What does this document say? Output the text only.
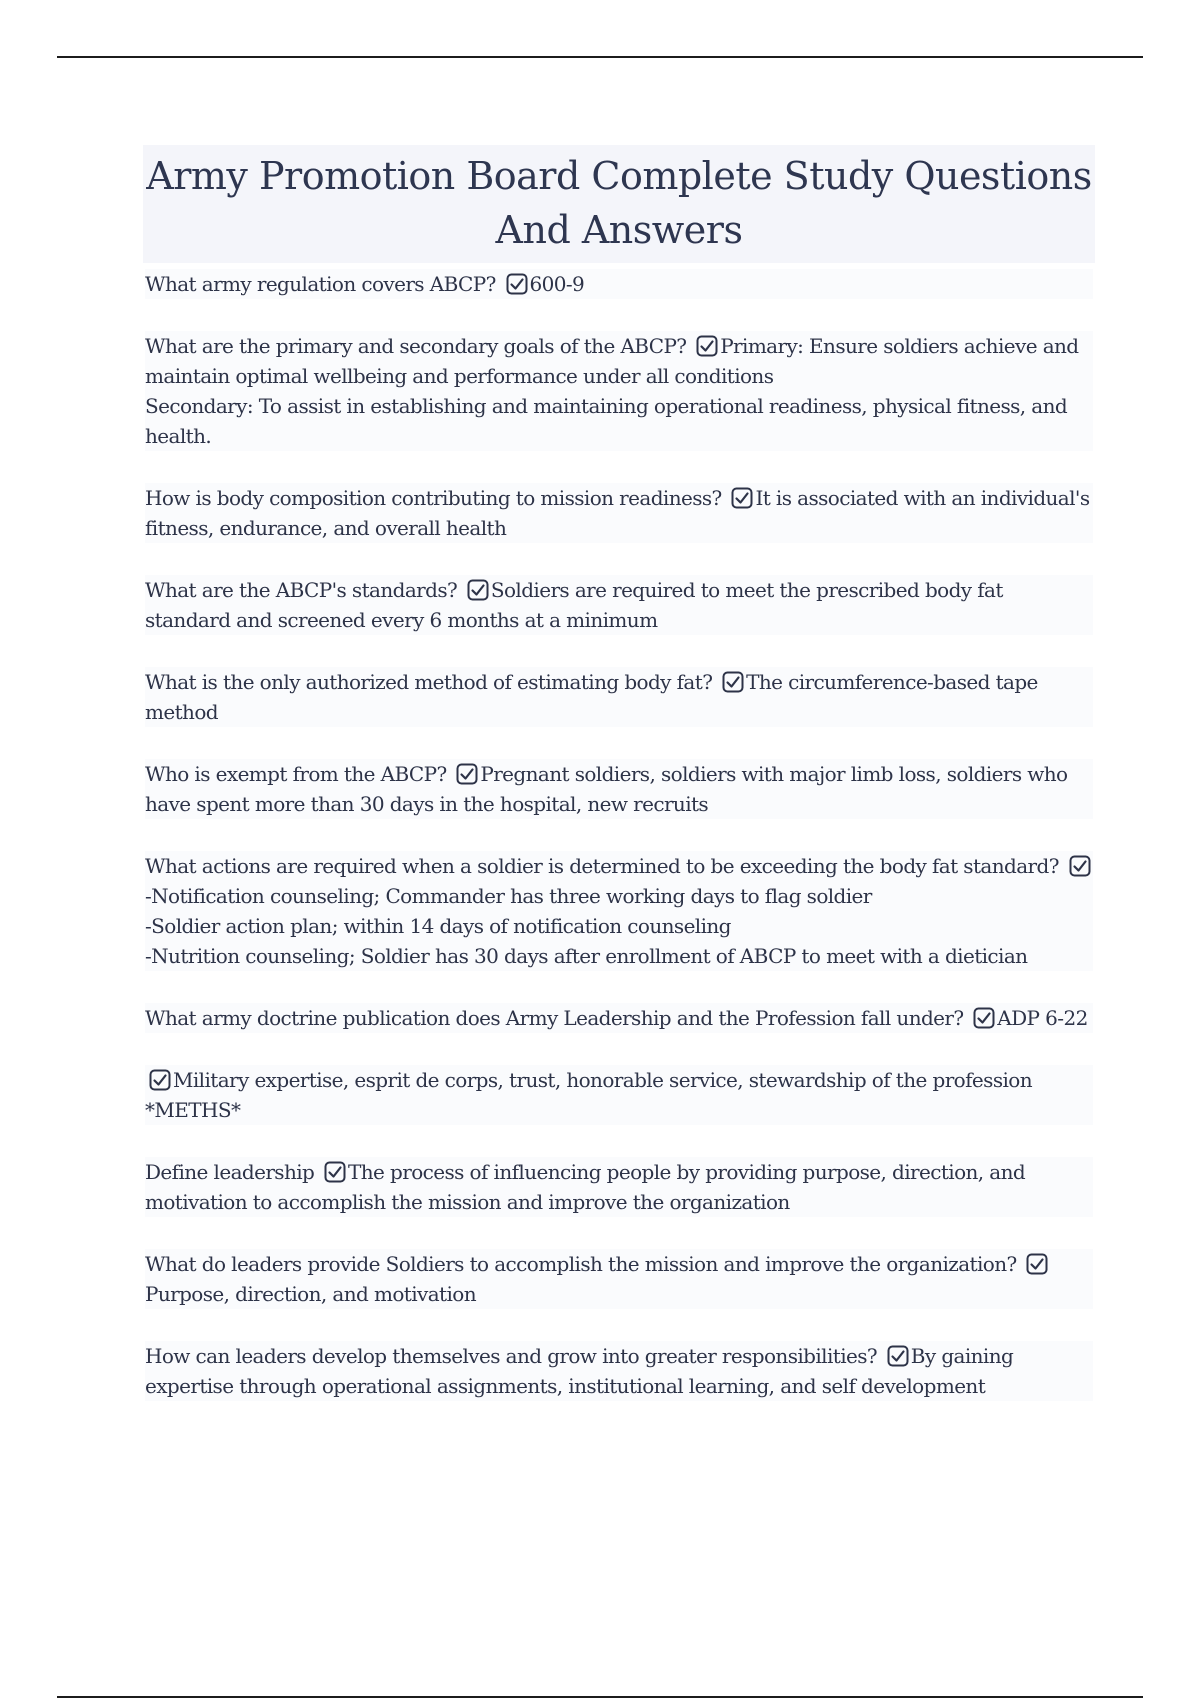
Army Promotion Board Complete Study Questions And Answers

What army regulation covers ABCP?
600-9

What are the primary and secondary goals of the ABCP?
Primary: Ensure soldiers achieve and maintain optimal wellbeing and performance under all conditions
Secondary: To assist in establishing and maintaining operational readiness, physical fitness, and health.

How is body composition contributing to mission readiness?
It is associated with an individual's fitness, endurance, and overall health

What are the ABCP's standards?
Soldiers are required to meet the prescribed body fat standard and screened every 6 months at a minimum

What is the only authorized method of estimating body fat?
The circumference-based tape method

Who is exempt from the ABCP?
Pregnant soldiers, soldiers with major limb loss, soldiers who have spent more than 30 days in the hospital, new recruits

What actions are required when a soldier is determined to be exceeding the body fat standard?
-Notification counseling; Commander has three working days to flag soldier
-Soldier action plan; within 14 days of notification counseling
-Nutrition counseling; Soldier has 30 days after enrollment of ABCP to meet with a dietician

What army doctrine publication does Army Leadership and the Profession fall under?
ADP 6-22

Military expertise, esprit de corps, trust, honorable service, stewardship of the profession
*METHS*

Define leadership
The process of influencing people by providing purpose, direction, and motivation to accomplish the mission and improve the organization

What do leaders provide Soldiers to accomplish the mission and improve the organization?
Purpose, direction, and motivation

How can leaders develop themselves and grow into greater responsibilities?
By gaining expertise through operational assignments, institutional learning, and self development
